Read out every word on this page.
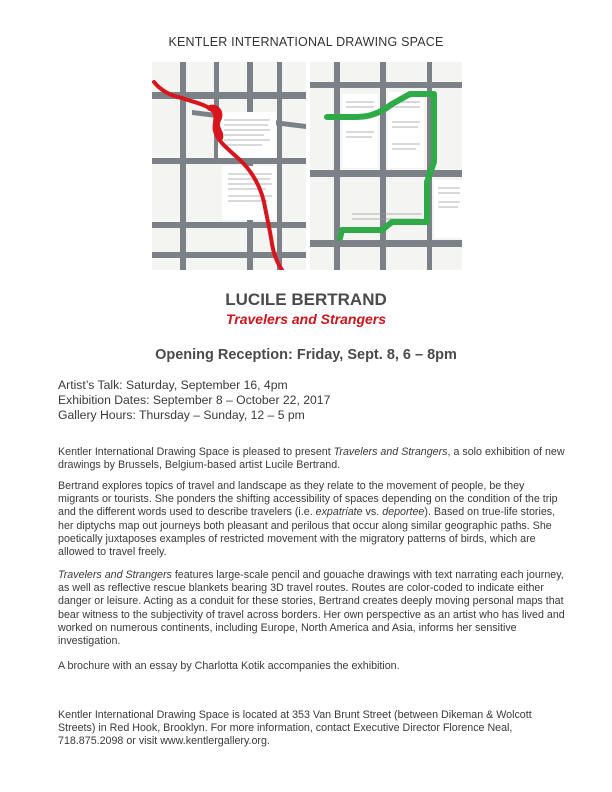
KENTLER INTERNATIONAL DRAWING SPACE
LUCILE BERTRAND
Travelers and Strangers
Opening Reception: Friday, Sept. 8, 6 – 8pm
Artist’s Talk: Saturday, September 16, 4pm
Exhibition Dates: September 8 – October 22, 2017
Gallery Hours: Thursday – Sunday, 12 – 5 pm

Kentler International Drawing Space is pleased to present Travelers and Strangers, a solo exhibition of new drawings by Brussels, Belgium-based artist Lucile Bertrand.

Bertrand explores topics of travel and landscape as they relate to the movement of people, be they migrants or tourists. She ponders the shifting accessibility of spaces depending on the condition of the trip and the different words used to describe travelers (i.e. expatriate vs. deportee). Based on true-life stories, her diptychs map out journeys both pleasant and perilous that occur along similar geographic paths. She poetically juxtaposes examples of restricted movement with the migratory patterns of birds, which are allowed to travel freely.

Travelers and Strangers features large-scale pencil and gouache drawings with text narrating each journey, as well as reflective rescue blankets bearing 3D travel routes. Routes are color-coded to indicate either danger or leisure. Acting as a conduit for these stories, Bertrand creates deeply moving personal maps that bear witness to the subjectivity of travel across borders. Her own perspective as an artist who has lived and worked on numerous continents, including Europe, North America and Asia, informs her sensitive investigation.

A brochure with an essay by Charlotta Kotik accompanies the exhibition.

Kentler International Drawing Space is located at 353 Van Brunt Street (between Dikeman & Wolcott Streets) in Red Hook, Brooklyn. For more information, contact Executive Director Florence Neal, 718.875.2098 or visit www.kentlergallery.org.
